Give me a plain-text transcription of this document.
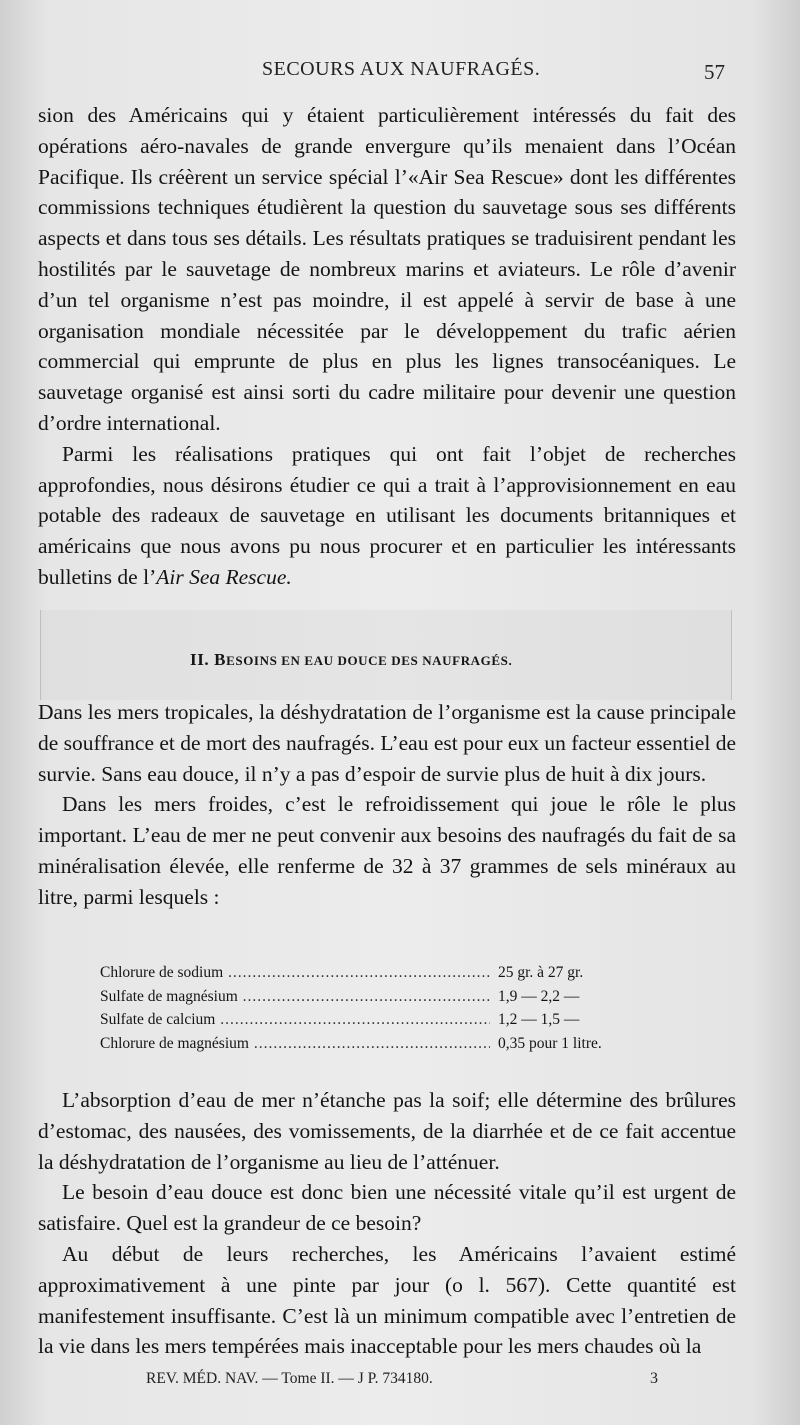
SECOURS AUX NAUFRAGÉS.	57

sion des Américains qui y étaient particulièrement intéressés du fait des opérations aéro-navales de grande envergure qu’ils menaient dans l’Océan Pacifique. Ils créèrent un service spécial l’«Air Sea Rescue» dont les différentes commissions techniques étudièrent la question du sauvetage sous ses différents aspects et dans tous ses détails. Les résultats pratiques se traduisirent pendant les hostilités par le sauvetage de nombreux marins et aviateurs. Le rôle d’avenir d’un tel organisme n’est pas moindre, il est appelé à servir de base à une organisation mondiale nécessitée par le développement du trafic aérien commercial qui emprunte de plus en plus les lignes transocéaniques. Le sauvetage organisé est ainsi sorti du cadre militaire pour devenir une question d’ordre international.

Parmi les réalisations pratiques qui ont fait l’objet de recherches approfondies, nous désirons étudier ce qui a trait à l’approvisionnement en eau potable des radeaux de sauvetage en utilisant les documents britanniques et américains que nous avons pu nous procurer et en particulier les intéressants bulletins de l’Air Sea Rescue.

II. BESOINS EN EAU DOUCE DES NAUFRAGÉS.

Dans les mers tropicales, la déshydratation de l’organisme est la cause principale de souffrance et de mort des naufragés. L’eau est pour eux un facteur essentiel de survie. Sans eau douce, il n’y a pas d’espoir de survie plus de huit à dix jours.

Dans les mers froides, c’est le refroidissement qui joue le rôle le plus important. L’eau de mer ne peut convenir aux besoins des naufragés du fait de sa minéralisation élevée, elle renferme de 32 à 37 grammes de sels minéraux au litre, parmi lesquels :

Chlorure de sodium .....	25 gr. à 27 gr.
Sulfate de magnésium .....	1,9 — 2,2 —
Sulfate de calcium .....	1,2 — 1,5 —
Chlorure de magnésium .....	0,35 pour 1 litre.

L’absorption d’eau de mer n’étanche pas la soif; elle détermine des brûlures d’estomac, des nausées, des vomissements, de la diarrhée et de ce fait accentue la déshydratation de l’organisme au lieu de l’atténuer.

Le besoin d’eau douce est donc bien une nécessité vitale qu’il est urgent de satisfaire. Quel est la grandeur de ce besoin?

Au début de leurs recherches, les Américains l’avaient estimé approximativement à une pinte par jour (o l. 567). Cette quantité est manifestement insuffisante. C’est là un minimum compatible avec l’entretien de la vie dans les mers tempérées mais inacceptable pour les mers chaudes où la

REV. MÉD. NAV. — Tome II. — J P. 734180.	3
